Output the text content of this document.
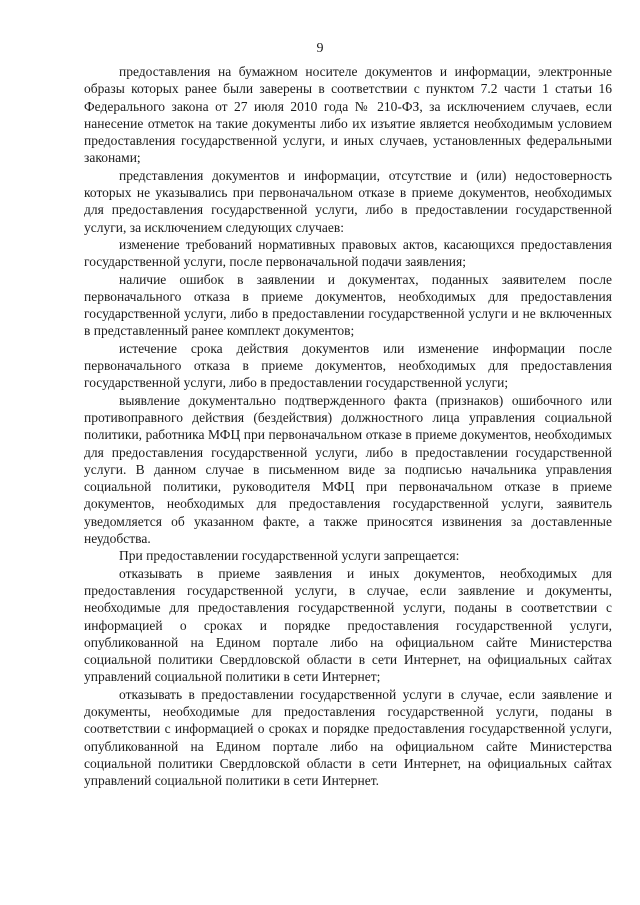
9

предоставления на бумажном носителе документов и информации, электронные образы которых ранее были заверены в соответствии с пунктом 7.2 части 1 статьи 16 Федерального закона от 27 июля 2010 года № 210-ФЗ, за исключением случаев, если нанесение отметок на такие документы либо их изъятие является необходимым условием предоставления государственной услуги, и иных случаев, установленных федеральными законами;

представления документов и информации, отсутствие и (или) недостоверность которых не указывались при первоначальном отказе в приеме документов, необходимых для предоставления государственной услуги, либо в предоставлении государственной услуги, за исключением следующих случаев:

изменение требований нормативных правовых актов, касающихся предоставления государственной услуги, после первоначальной подачи заявления;

наличие ошибок в заявлении и документах, поданных заявителем после первоначального отказа в приеме документов, необходимых для предоставления государственной услуги, либо в предоставлении государственной услуги и не включенных в представленный ранее комплект документов;

истечение срока действия документов или изменение информации после первоначального отказа в приеме документов, необходимых для предоставления государственной услуги, либо в предоставлении государственной услуги;

выявление документально подтвержденного факта (признаков) ошибочного или противоправного действия (бездействия) должностного лица управления социальной политики, работника МФЦ при первоначальном отказе в приеме документов, необходимых для предоставления государственной услуги, либо в предоставлении государственной услуги. В данном случае в письменном виде за подписью начальника управления социальной политики, руководителя МФЦ при первоначальном отказе в приеме документов, необходимых для предоставления государственной услуги, заявитель уведомляется об указанном факте, а также приносятся извинения за доставленные неудобства.

При предоставлении государственной услуги запрещается:

отказывать в приеме заявления и иных документов, необходимых для предоставления государственной услуги, в случае, если заявление и документы, необходимые для предоставления государственной услуги, поданы в соответствии с информацией о сроках и порядке предоставления государственной услуги, опубликованной на Едином портале либо на официальном сайте Министерства социальной политики Свердловской области в сети Интернет, на официальных сайтах управлений социальной политики в сети Интернет;

отказывать в предоставлении государственной услуги в случае, если заявление и документы, необходимые для предоставления государственной услуги, поданы в соответствии с информацией о сроках и порядке предоставления государственной услуги, опубликованной на Едином портале либо на официальном сайте Министерства социальной политики Свердловской области в сети Интернет, на официальных сайтах управлений социальной политики в сети Интернет.
